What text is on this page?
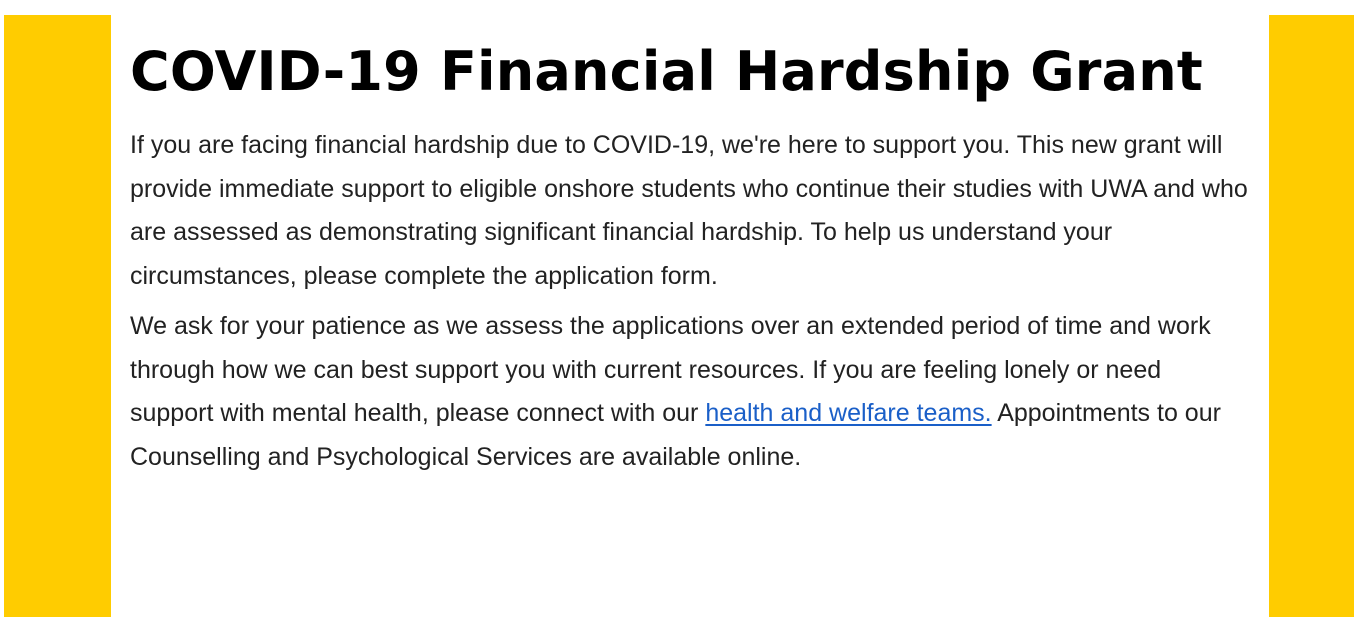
COVID-19 Financial Hardship Grant

If you are facing financial hardship due to COVID-19, we're here to support you. This new grant will provide immediate support to eligible onshore students who continue their studies with UWA and who are assessed as demonstrating significant financial hardship. To help us understand your circumstances, please complete the application form.

We ask for your patience as we assess the applications over an extended period of time and work through how we can best support you with current resources. If you are feeling lonely or need support with mental health, please connect with our health and welfare teams. Appointments to our Counselling and Psychological Services are available online.
